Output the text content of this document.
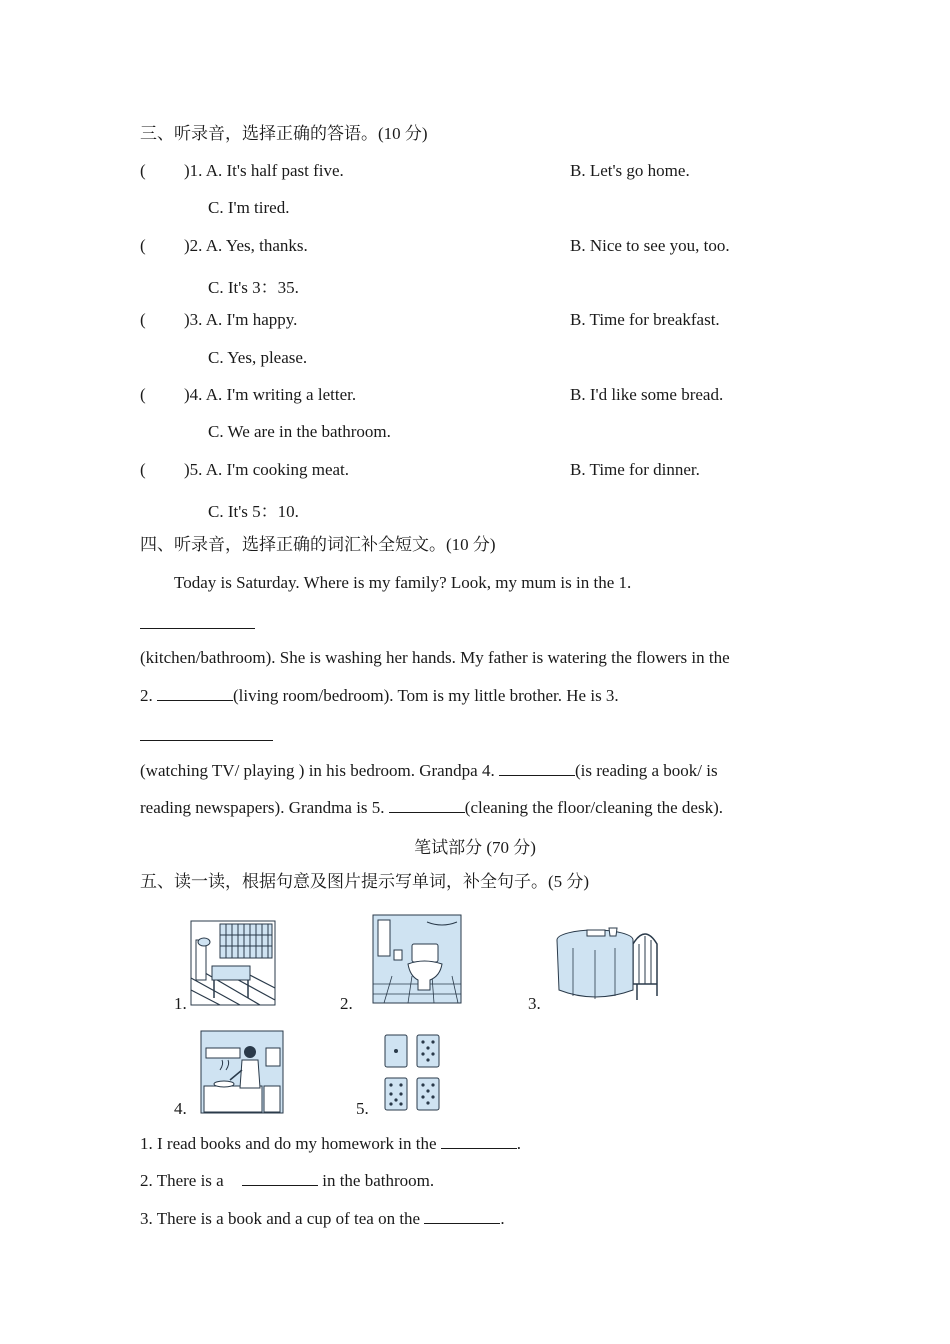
三、听录音，选择正确的答语。(10 分)
( )1. A. It's half past five.	B. Let's go home.
C. I'm tired.
( )2. A. Yes, thanks.	B. Nice to see you, too.
C. It's 3：35.
( )3. A. I'm happy.	B. Time for breakfast.
C. Yes, please.
( )4. A. I'm writing a letter.	B. I'd like some bread.
C. We are in the bathroom.
( )5. A. I'm cooking meat.	B. Time for dinner.
C. It's 5：10.
四、听录音，选择正确的词汇补全短文。(10 分)
Today is Saturday. Where is my family? Look, my mum is in the 1.
(kitchen/bathroom). She is washing her hands. My father is watering the flowers in the
2.	(living room/bedroom). Tom is my little brother. He is 3.
(watching TV/ playing ) in his bedroom. Grandpa 4.	(is reading a book/ is
reading newspapers). Grandma is 5.	(cleaning the floor/cleaning the desk).
笔试部分 (70 分)
五、读一读，根据句意及图片提示写单词，补全句子。(5 分)
1.	2.	3.
4.	5.
1. I read books and do my homework in the	.
2. There is a	in the bathroom.
3. There is a book and a cup of tea on the	.
